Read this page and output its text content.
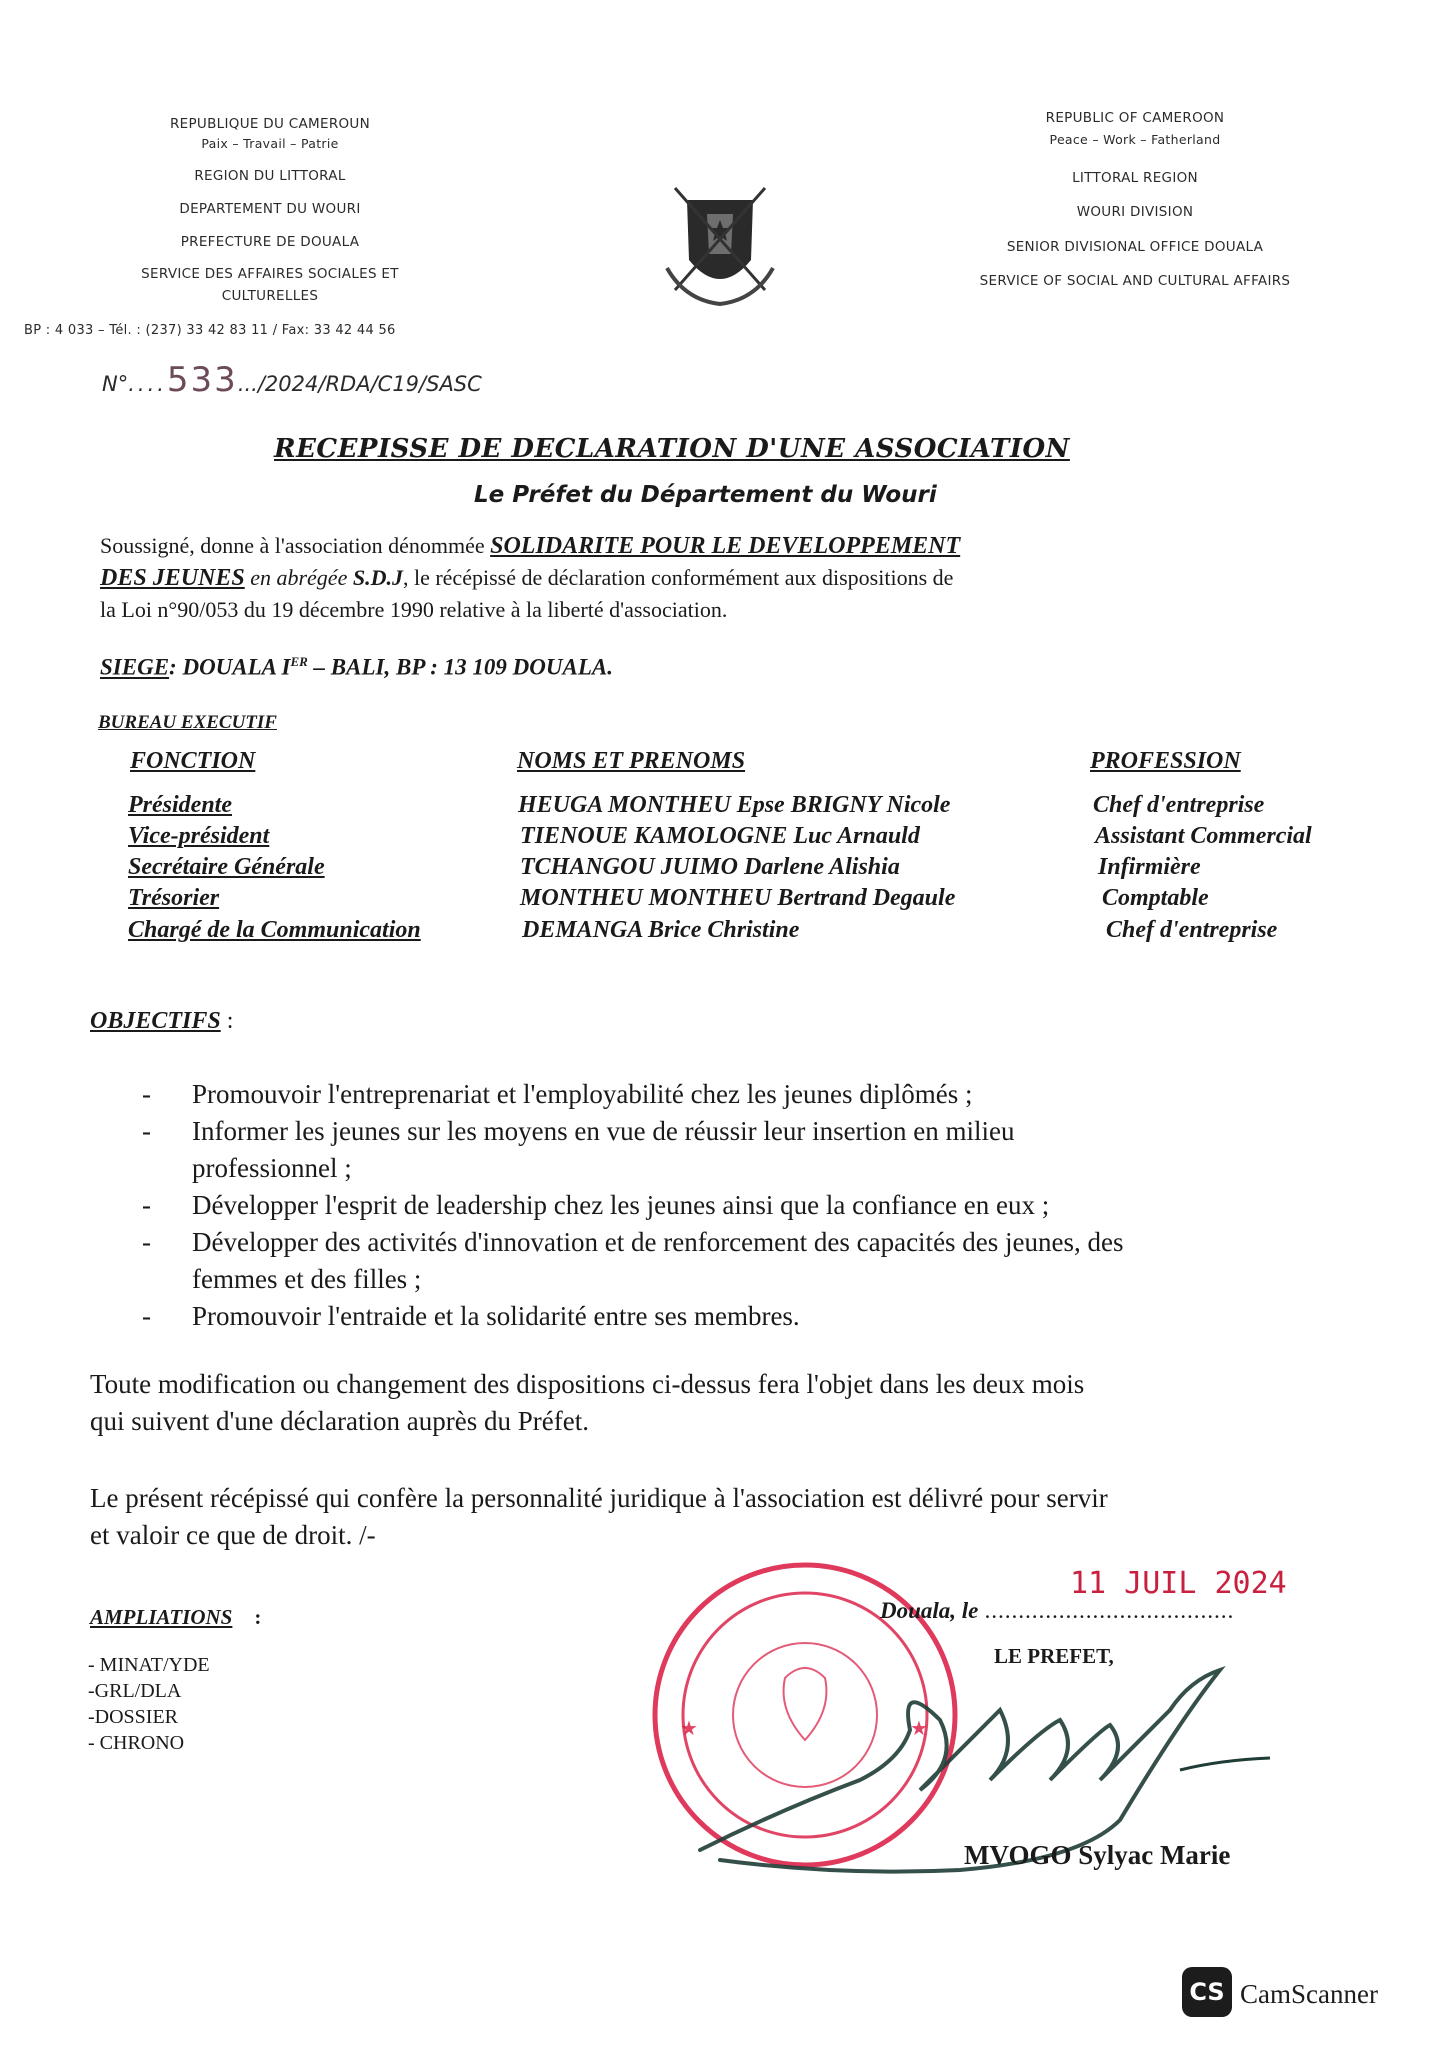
REPUBLIQUE DU CAMEROUN
Paix – Travail – Patrie
REGION DU LITTORAL
DEPARTEMENT DU WOURI
PREFECTURE DE DOUALA
SERVICE DES AFFAIRES SOCIALES ET
CULTURELLES
BP : 4 033 – Tél. : (237) 33 42 83 11 / Fax: 33 42 44 56
REPUBLIC OF CAMEROON
Peace – Work – Fatherland
LITTORAL REGION
WOURI DIVISION
SENIOR DIVISIONAL OFFICE DOUALA
SERVICE OF SOCIAL AND CULTURAL AFFAIRS
N°....533.../2024/RDA/C19/SASC
RECEPISSE DE DECLARATION D'UNE ASSOCIATION
Le Préfet du Département du Wouri
Soussigné, donne à l'association dénommée SOLIDARITE POUR LE DEVELOPPEMENT
DES JEUNES en abrégée S.D.J, le récépissé de déclaration conformément aux dispositions de
la Loi n°90/053 du 19 décembre 1990 relative à la liberté d'association.
SIEGE: DOUALA IER – BALI, BP : 13 109 DOUALA.
BUREAU EXECUTIF
FONCTION	NOMS ET PRENOMS	PROFESSION
Présidente	HEUGA MONTHEU Epse BRIGNY Nicole	Chef d'entreprise
Vice-président	TIENOUE KAMOLOGNE Luc Arnauld	Assistant Commercial
Secrétaire Générale	TCHANGOU JUIMO Darlene Alishia	Infirmière
Trésorier	MONTHEU MONTHEU Bertrand Degaule	Comptable
Chargé de la Communication	DEMANGA Brice Christine	Chef d'entreprise
OBJECTIFS :
- Promouvoir l'entreprenariat et l'employabilité chez les jeunes diplômés ;
- Informer les jeunes sur les moyens en vue de réussir leur insertion en milieu
professionnel ;
- Développer l'esprit de leadership chez les jeunes ainsi que la confiance en eux ;
- Développer des activités d'innovation et de renforcement des capacités des jeunes, des
femmes et des filles ;
- Promouvoir l'entraide et la solidarité entre ses membres.
Toute modification ou changement des dispositions ci-dessus fera l'objet dans les deux mois
qui suivent d'une déclaration auprès du Préfet.
Le présent récépissé qui confère la personnalité juridique à l'association est délivré pour servir
et valoir ce que de droit. /-
AMPLIATIONS :
- MINAT/YDE
-GRL/DLA
-DOSSIER
- CHRONO
★	★
Douala, le .....................................
11 JUIL 2024
LE PREFET,
MVOGO Sylyac Marie
CS CamScanner
